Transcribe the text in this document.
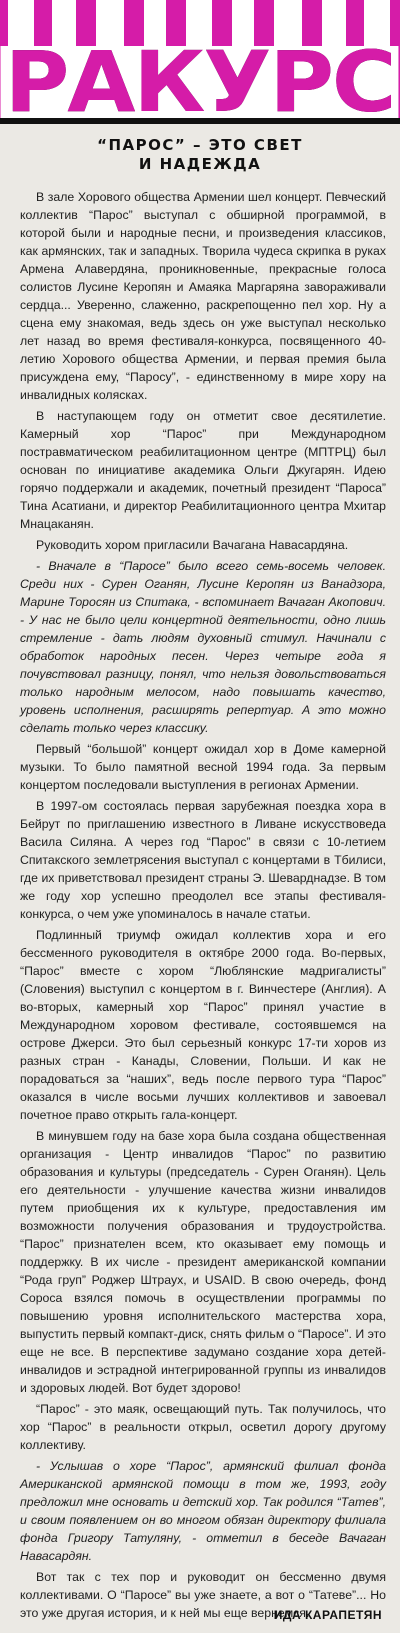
РАКУРС
“ПАРОС” – ЭТО СВЕТ
И НАДЕЖДА

В зале Хорового общества Армении шел концерт. Певческий коллектив “Парос” выступал с обширной программой, в которой были и народные песни, и произведения классиков, как армянских, так и западных. Творила чудеса скрипка в руках Армена Алавердяна, проникновенные, прекрасные голоса солистов Лусине Керопян и Амаяка Маргаряна завораживали сердца... Уверенно, слаженно, раскрепощенно пел хор. Ну а сцена ему знакомая, ведь здесь он уже выступал несколько лет назад во время фестиваля-конкурса, посвященного 40-летию Хорового общества Армении, и первая премия была присуждена ему, “Паросу”, - единственному в мире хору на инвалидных колясках.

В наступающем году он отметит свое десятилетие. Камерный хор “Парос” при Международном постравматическом реабилитационном центре (МПТРЦ) был основан по инициативе академика Ольги Джугарян. Идею горячо поддержали и академик, почетный президент “Пароса” Тина Асатиани, и директор Реабилитационного центра Мхитар Мнацаканян.

Руководить хором пригласили Вачагана Навасардяна.

- Вначале в “Паросе” было всего семь-восемь человек. Среди них - Сурен Оганян, Лусине Керопян из Ванадзора, Марине Торосян из Спитака, - вспоминает Вачаган Акопович. - У нас не было цели концертной деятельности, одно лишь стремление - дать людям духовный стимул. Начинали с обработок народных песен. Через четыре года я почувствовал разницу, понял, что нельзя довольствоваться только народным мелосом, надо повышать качество, уровень исполнения, расширять репертуар. А это можно сделать только через классику.

Первый “большой” концерт ожидал хор в Доме камерной музыки. То было памятной весной 1994 года. За первым концертом последовали выступления в регионах Армении.

В 1997-ом состоялась первая зарубежная поездка хора в Бейрут по приглашению известного в Ливане искусствоведа Васила Силяна. А через год “Парос” в связи с 10-летием Спитакского землетрясения выступал с концертами в Тбилиси, где их приветствовал президент страны Э. Шеварднадзе. В том же году хор успешно преодолел все этапы фестиваля-конкурса, о чем уже упоминалось в начале статьи.

Подлинный триумф ожидал коллектив хора и его бессменного руководителя в октябре 2000 года. Во-первых, “Парос” вместе с хором “Люблянские мадригалисты” (Словения) выступил с концертом в г. Винчестере (Англия). А во-вторых, камерный хор “Парос” принял участие в Международном хоровом фестивале, состоявшемся на острове Джерси. Это был серьезный конкурс 17-ти хоров из разных стран - Канады, Словении, Польши. И как не порадоваться за “наших”, ведь после первого тура “Парос” оказался в числе восьми лучших коллективов и завоевал почетное право открыть гала-концерт.

В минувшем году на базе хора была создана общественная организация - Центр инвалидов “Парос” по развитию образования и культуры (председатель - Сурен Оганян). Цель его деятельности - улучшение качества жизни инвалидов путем приобщения их к культуре, предоставления им возможности получения образования и трудоустройства. “Парос” признателен всем, кто оказывает ему помощь и поддержку. В их числе - президент американской компании “Рода груп” Роджер Штраух, и USAID. В свою очередь, фонд Сороса взялся помочь в осуществлении программы по повышению уровня исполнительского мастерства хора, выпустить первый компакт-диск, снять фильм о “Паросе”. И это еще не все. В перспективе задумано создание хора детей-инвалидов и эстрадной интегрированной группы из инвалидов и здоровых людей. Вот будет здорово!

“Парос” - это маяк, освещающий путь. Так получилось, что хор “Парос” в реальности открыл, осветил дорогу другому коллективу.

- Услышав о хоре “Парос”, армянский филиал фонда Американской армянской помощи в том же, 1993, году предложил мне основать и детский хор. Так родился “Татев”, и своим появлением он во многом обязан директору филиала фонда Григору Татуляну, - отметил в беседе Вачаган Навасардян.

Вот так с тех пор и руководит он бессменно двумя коллективами. О “Паросе” вы уже знаете, а вот о “Татеве”... Но это уже другая история, и к ней мы еще вернемся.

ИДА КАРАПЕТЯН
